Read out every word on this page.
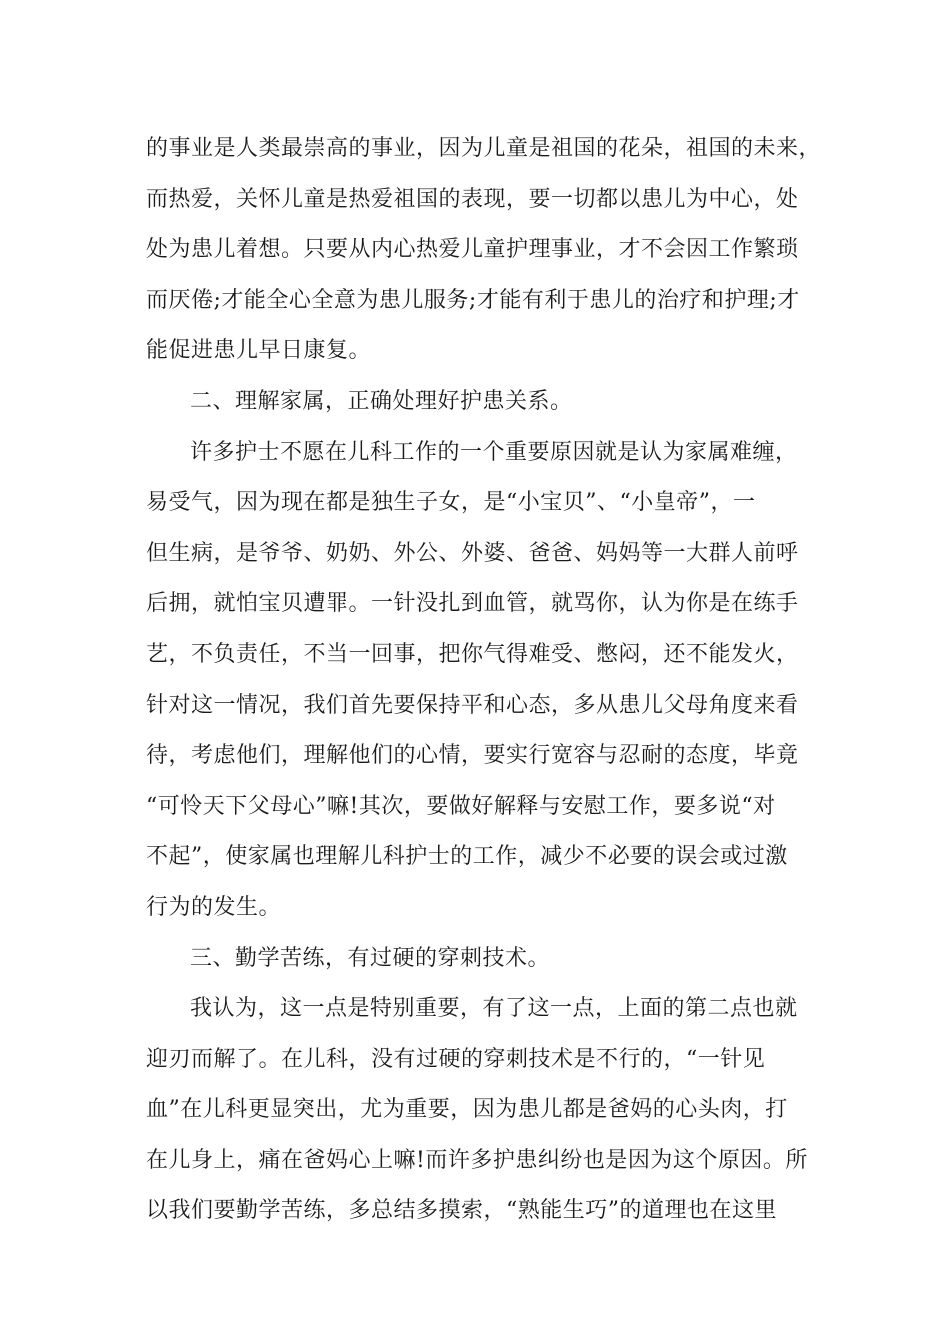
的事业是人类最崇高的事业，因为儿童是祖国的花朵，祖国的未来，
而热爱，关怀儿童是热爱祖国的表现，要一切都以患儿为中心，处
处为患儿着想。只要从内心热爱儿童护理事业，才不会因工作繁琐
而厌倦;才能全心全意为患儿服务;才能有利于患儿的治疗和护理;才
能促进患儿早日康复。
二、理解家属，正确处理好护患关系。
许多护士不愿在儿科工作的一个重要原因就是认为家属难缠，
易受气，因为现在都是独生子女，是“小宝贝”、“小皇帝”，一
但生病，是爷爷、奶奶、外公、外婆、爸爸、妈妈等一大群人前呼
后拥，就怕宝贝遭罪。一针没扎到血管，就骂你，认为你是在练手
艺，不负责任，不当一回事，把你气得难受、憋闷，还不能发火，
针对这一情况，我们首先要保持平和心态，多从患儿父母角度来看
待，考虑他们，理解他们的心情，要实行宽容与忍耐的态度，毕竟
“可怜天下父母心”嘛!其次，要做好解释与安慰工作，要多说“对
不起”，使家属也理解儿科护士的工作，减少不必要的误会或过激
行为的发生。
三、勤学苦练，有过硬的穿刺技术。
我认为，这一点是特别重要，有了这一点，上面的第二点也就
迎刃而解了。在儿科，没有过硬的穿刺技术是不行的，“一针见
血”在儿科更显突出，尤为重要，因为患儿都是爸妈的心头肉，打
在儿身上，痛在爸妈心上嘛!而许多护患纠纷也是因为这个原因。所
以我们要勤学苦练，多总结多摸索，“熟能生巧”的道理也在这里
